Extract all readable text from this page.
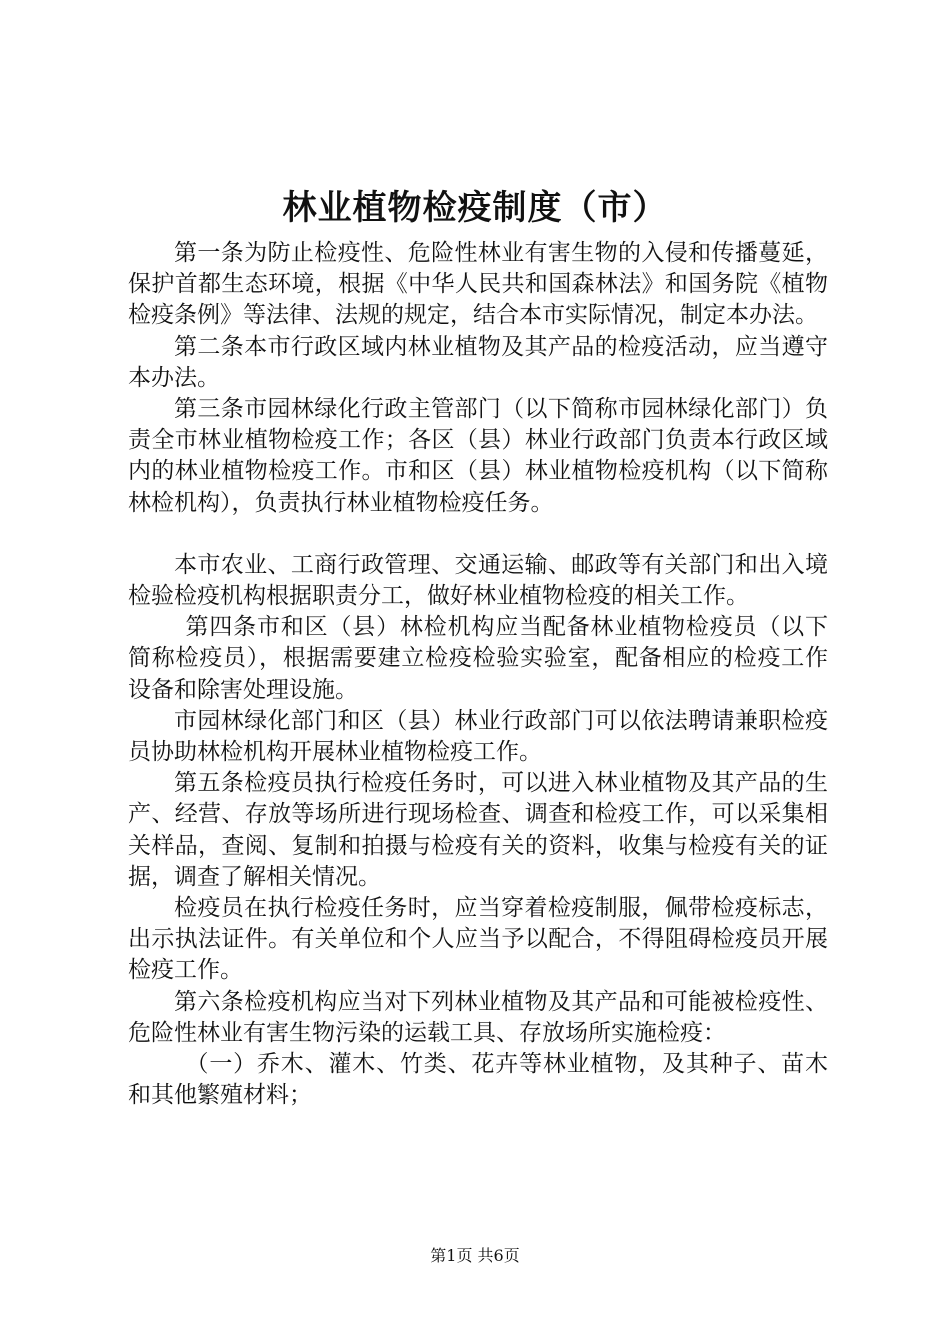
林业植物检疫制度（市）

第一条为防止检疫性、危险性林业有害生物的入侵和传播蔓延，保护首都生态环境，根据《中华人民共和国森林法》和国务院《植物检疫条例》等法律、法规的规定，结合本市实际情况，制定本办法。

第二条本市行政区域内林业植物及其产品的检疫活动，应当遵守本办法。

第三条市园林绿化行政主管部门（以下简称市园林绿化部门）负责全市林业植物检疫工作；各区（县）林业行政部门负责本行政区域内的林业植物检疫工作。市和区（县）林业植物检疫机构（以下简称林检机构），负责执行林业植物检疫任务。

本市农业、工商行政管理、交通运输、邮政等有关部门和出入境检验检疫机构根据职责分工，做好林业植物检疫的相关工作。

第四条市和区（县）林检机构应当配备林业植物检疫员（以下简称检疫员），根据需要建立检疫检验实验室，配备相应的检疫工作设备和除害处理设施。

市园林绿化部门和区（县）林业行政部门可以依法聘请兼职检疫员协助林检机构开展林业植物检疫工作。

第五条检疫员执行检疫任务时，可以进入林业植物及其产品的生产、经营、存放等场所进行现场检查、调查和检疫工作，可以采集相关样品，查阅、复制和拍摄与检疫有关的资料，收集与检疫有关的证据，调查了解相关情况。

检疫员在执行检疫任务时，应当穿着检疫制服，佩带检疫标志，出示执法证件。有关单位和个人应当予以配合，不得阻碍检疫员开展检疫工作。

第六条检疫机构应当对下列林业植物及其产品和可能被检疫性、危险性林业有害生物污染的运载工具、存放场所实施检疫：

（一）乔木、灌木、竹类、花卉等林业植物，及其种子、苗木和其他繁殖材料；

第1页 共6页
